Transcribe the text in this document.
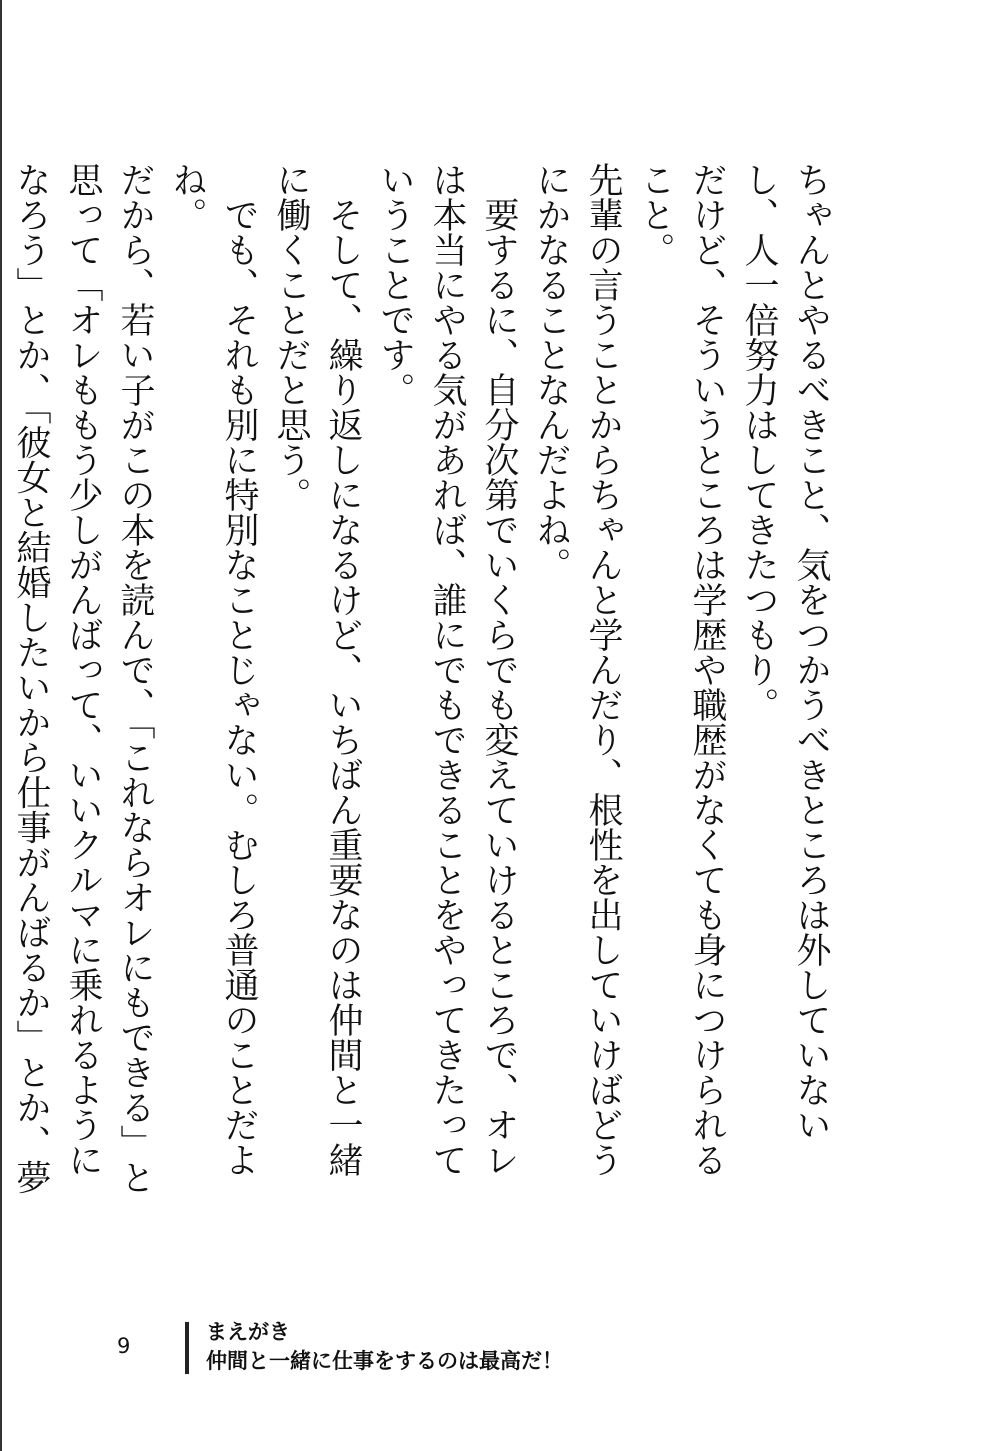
ちゃんとやるべきこと、気をつかうべきところは外していないし、人一倍努力はしてきたつもり。

だけど、そういうところは学歴や職歴がなくても身につけられること。

先輩の言うことからちゃんと学んだり、根性を出していけばどうにかなることなんだよね。

要するに、自分次第でいくらでも変えていけるところで、オレは本当にやる気があれば、誰にでもできることをやってきたっていうことです。

そして、繰り返しになるけど、いちばん重要なのは仲間と一緒に働くことだと思う。

でも、それも別に特別なことじゃない。むしろ普通のことだよね。

だから、若い子がこの本を読んで、「これならオレにもできる」と思って「オレももう少しがんばって、いいクルマに乗れるようになろう」とか、「彼女と結婚したいから仕事がんばるか」とか、夢

9
まえがき
仲間と一緒に仕事をするのは最高だ！
